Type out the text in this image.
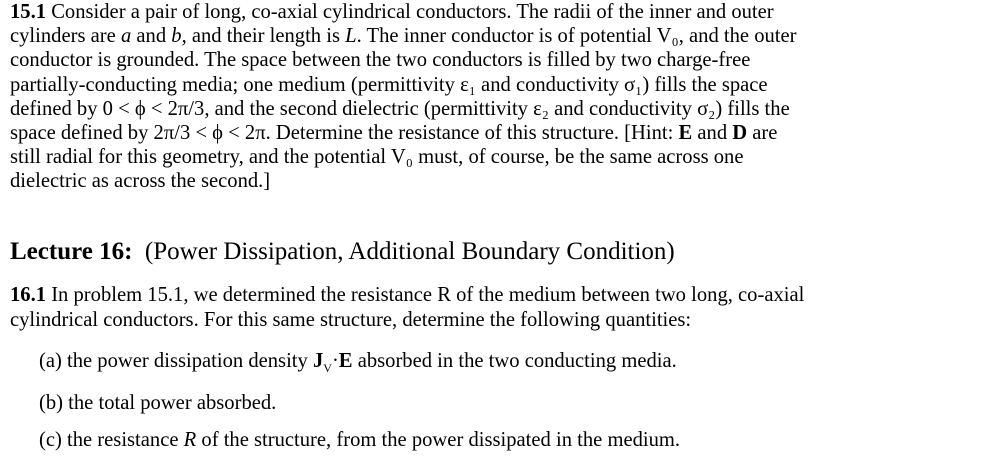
15.1 Consider a pair of long, co-axial cylindrical conductors. The radii of the inner and outer
cylinders are a and b, and their length is L. The inner conductor is of potential V₀, and the outer
conductor is grounded. The space between the two conductors is filled by two charge-free
partially-conducting media; one medium (permittivity ε₁ and conductivity σ₁) fills the space
defined by 0 < ϕ < 2π/3, and the second dielectric (permittivity ε₂ and conductivity σ₂) fills the
space defined by 2π/3 < ϕ < 2π. Determine the resistance of this structure. [Hint: E and D are
still radial for this geometry, and the potential V₀ must, of course, be the same across one
dielectric as across the second.]
Lecture 16:  (Power Dissipation, Additional Boundary Condition)
16.1 In problem 15.1, we determined the resistance R of the medium between two long, co-axial
cylindrical conductors. For this same structure, determine the following quantities:
(a) the power dissipation density $J_V\cdot E$ absorbed in the two conducting media.
(b) the total power absorbed.
(c) the resistance R of the structure, from the power dissipated in the medium.
